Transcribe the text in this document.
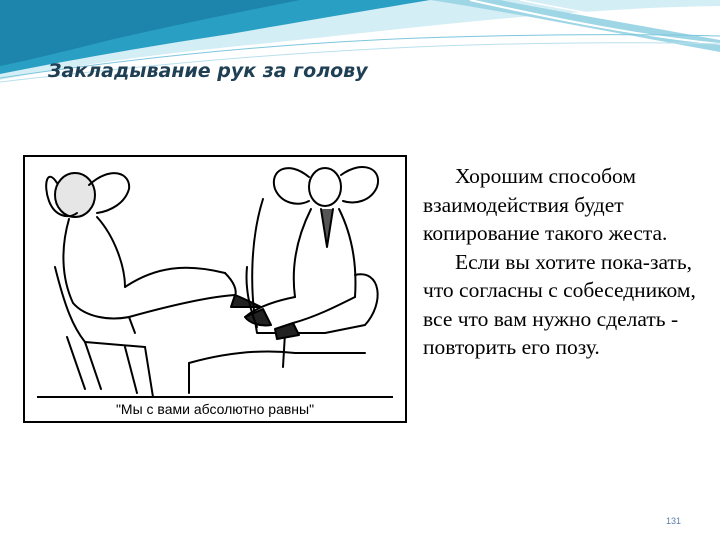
Закладывание рук за голову
"Мы с вами абсолютно равны"

Хорошим способом взаимодействия будет копирование такого жеста.

Если вы хотите пока-зать, что согласны с собеседником, все что вам нужно сделать - повторить его позу.

131
